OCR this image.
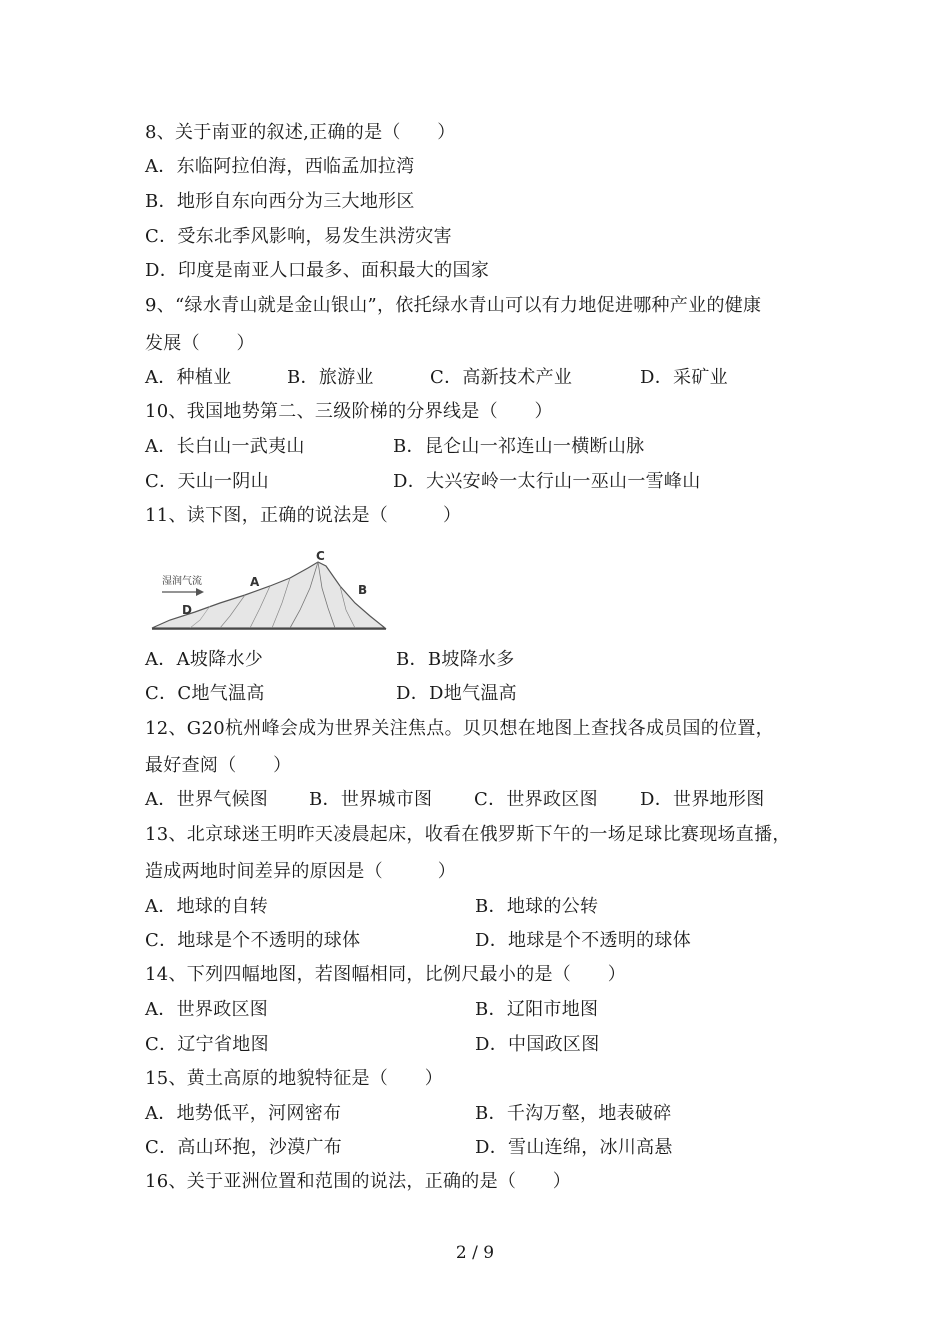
8、关于南亚的叙述,正确的是（　　）
A．东临阿拉伯海，西临孟加拉湾
B．地形自东向西分为三大地形区
C．受东北季风影响，易发生洪涝灾害
D．印度是南亚人口最多、面积最大的国家
9、“绿水青山就是金山银山”，依托绿水青山可以有力地促进哪种产业的健康
发展（　　）
A．种植业	B．旅游业	C．高新技术产业	D．采矿业
10、我国地势第二、三级阶梯的分界线是（　　）
A．长白山一武夷山	B．昆仑山一祁连山一横断山脉
C．天山一阴山	D．大兴安岭一太行山一巫山一雪峰山
11、读下图，正确的说法是（　　　）
湿润气流	A
C
B
D
A．A坡降水少	B．B坡降水多
C．C地气温高	D．D地气温高
12、G20杭州峰会成为世界关注焦点。贝贝想在地图上查找各成员国的位置，
最好查阅（　　）
A．世界气候图 B．世界城市图 C．世界政区图 D．世界地形图
13、北京球迷王明昨天凌晨起床，收看在俄罗斯下午的一场足球比赛现场直播，
造成两地时间差异的原因是（　　　）
A．地球的自转	B．地球的公转
C．地球是个不透明的球体	D．地球是个不透明的球体
14、下列四幅地图，若图幅相同，比例尺最小的是（　　）
A．世界政区图	B．辽阳市地图
C．辽宁省地图	D．中国政区图
15、黄土高原的地貌特征是（　　）
A．地势低平，河网密布	B．千沟万壑，地表破碎
C．高山环抱，沙漠广布	D．雪山连绵，冰川高悬
16、关于亚洲位置和范围的说法，正确的是（　　）
2 / 9
